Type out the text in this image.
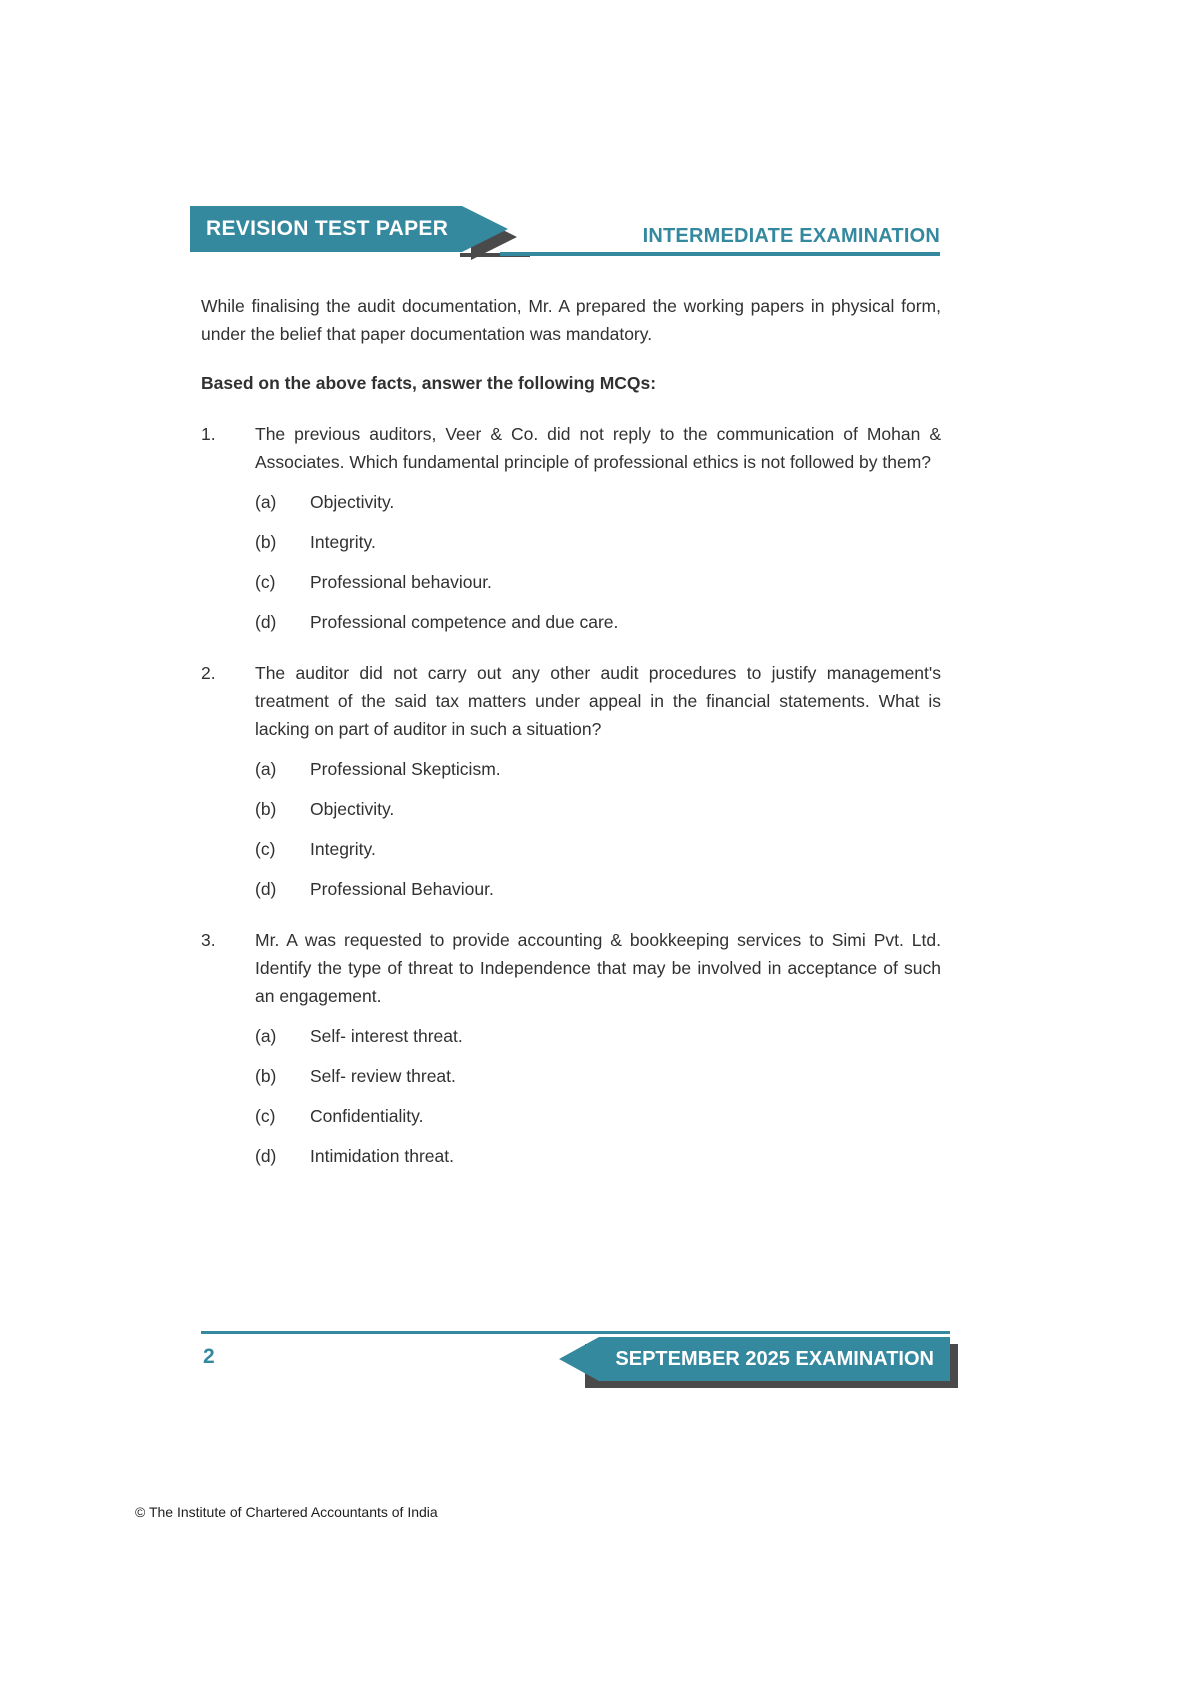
REVISION TEST PAPER	INTERMEDIATE EXAMINATION
While finalising the audit documentation, Mr. A prepared the working papers in physical form, under the belief that paper documentation was mandatory.
Based on the above facts, answer the following MCQs:
1.	The previous auditors, Veer & Co. did not reply to the communication of Mohan & Associates. Which fundamental principle of professional ethics is not followed by them?
(a)	Objectivity.
(b)	Integrity.
(c)	Professional behaviour.
(d)	Professional competence and due care.
2.	The auditor did not carry out any other audit procedures to justify management's treatment of the said tax matters under appeal in the financial statements. What is lacking on part of auditor in such a situation?
(a)	Professional Skepticism.
(b)	Objectivity.
(c)	Integrity.
(d)	Professional Behaviour.
3.	Mr. A was requested to provide accounting & bookkeeping services to Simi Pvt. Ltd. Identify the type of threat to Independence that may be involved in acceptance of such an engagement.
(a)	Self- interest threat.
(b)	Self- review threat.
(c)	Confidentiality.
(d)	Intimidation threat.
2	SEPTEMBER 2025 EXAMINATION
© The Institute of Chartered Accountants of India
